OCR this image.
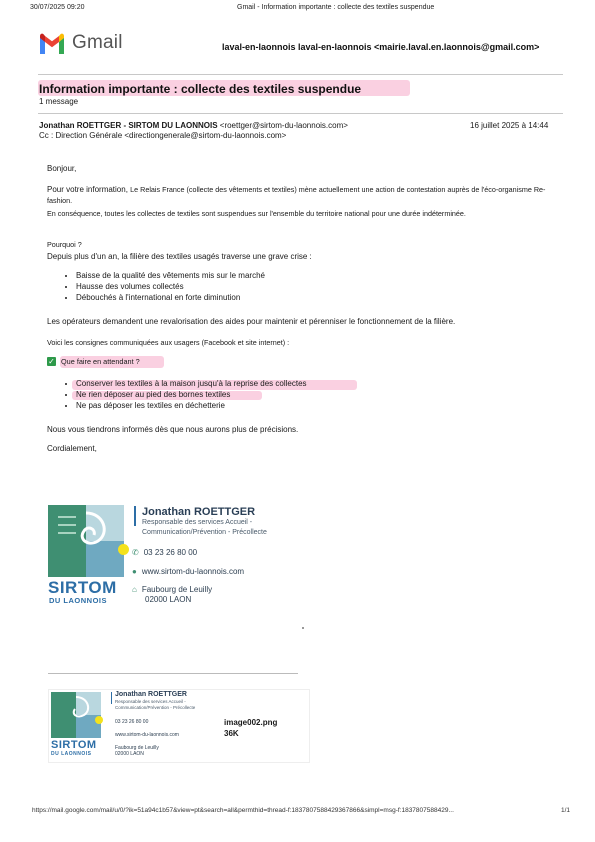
30/07/2025 09:20	Gmail - Information importante : collecte des textiles suspendue
Gmail	laval-en-laonnois laval-en-laonnois <mairie.laval.en.laonnois@gmail.com>
Information importante : collecte des textiles suspendue
1 message
Jonathan ROETTGER - SIRTOM DU LAONNOIS <roettger@sirtom-du-laonnois.com>	16 juillet 2025 à 14:44
Cc : Direction Générale <directiongenerale@sirtom-du-laonnois.com>
Bonjour,
Pour votre information, Le Relais France (collecte des vêtements et textiles) mène actuellement une action de contestation auprès de l'éco-organisme Re-fashion.
En conséquence, toutes les collectes de textiles sont suspendues sur l'ensemble du territoire national pour une durée indéterminée.
Pourquoi ?
Depuis plus d'un an, la filière des textiles usagés traverse une grave crise :
• Baisse de la qualité des vêtements mis sur le marché
• Hausse des volumes collectés
• Débouchés à l'international en forte diminution
Les opérateurs demandent une revalorisation des aides pour maintenir et pérenniser le fonctionnement de la filière.
Voici les consignes communiquées aux usagers (Facebook et site internet) :
✓ Que faire en attendant ?
• Conserver les textiles à la maison jusqu'à la reprise des collectes
• Ne rien déposer au pied des bornes textiles
• Ne pas déposer les textiles en déchetterie
Nous vous tiendrons informés dès que nous aurons plus de précisions.
Cordialement,
SIRTOM
DU LAONNOIS
Jonathan ROETTGER
Responsable des services Accueil -
Communication/Prévention - Précollecte
✆ 03 23 26 80 00
● www.sirtom-du-laonnois.com
⌂ Faubourg de Leuilly
02000 LAON
SIRTOM
DU LAONNOIS
Jonathan ROETTGER
Responsable des services Accueil -
Communication/Prévention - Précollecte
03 23 26 80 00
www.sirtom-du-laonnois.com
Faubourg de Leuilly
02000 LAON
image002.png
36K
https://mail.google.com/mail/u/0/?ik=51a94c1b57&view=pt&search=all&permthid=thread-f:1837807588429367866&simpl=msg-f:1837807588429...	1/1
